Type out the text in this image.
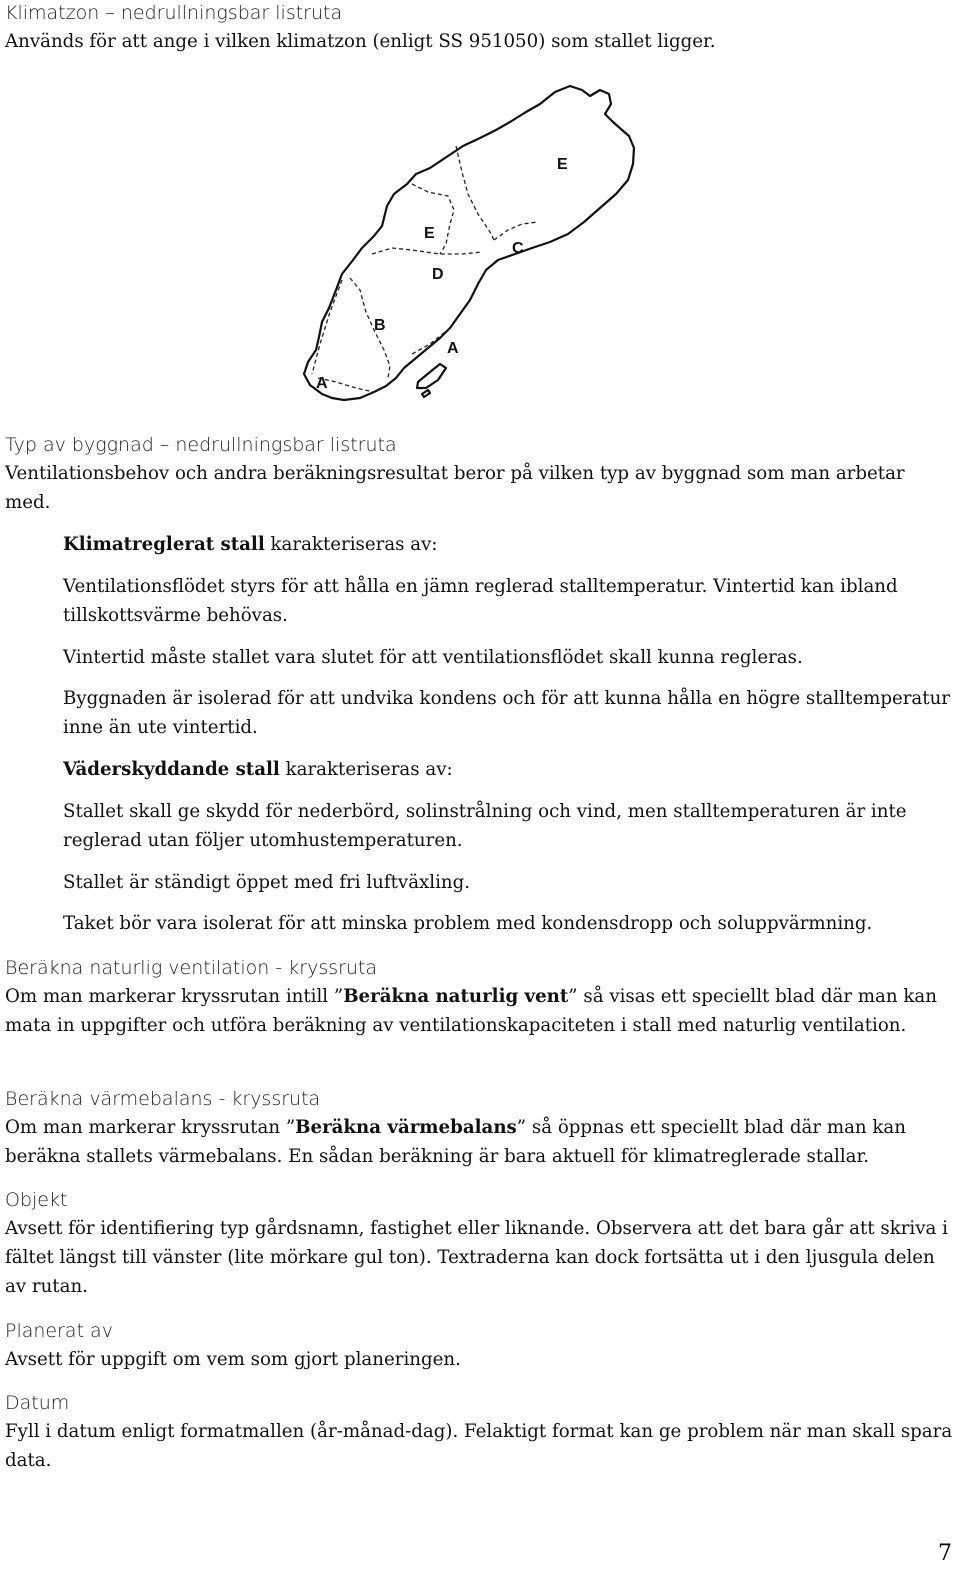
Klimatzon – nedrullningsbar listruta
Används för att ange i vilken klimatzon (enligt SS 951050) som stallet ligger.
E
E
C
D
B
A
A
Typ av byggnad – nedrullningsbar listruta
Ventilationsbehov och andra beräkningsresultat beror på vilken typ av byggnad som man arbetar med.
Klimatreglerat stall karakteriseras av:
Ventilationsflödet styrs för att hålla en jämn reglerad stalltemperatur. Vintertid kan ibland tillskottsvärme behövas.
Vintertid måste stallet vara slutet för att ventilationsflödet skall kunna regleras.
Byggnaden är isolerad för att undvika kondens och för att kunna hålla en högre stalltemperatur inne än ute vintertid.
Väderskyddande stall karakteriseras av:
Stallet skall ge skydd för nederbörd, solinstrålning och vind, men stalltemperaturen är inte reglerad utan följer utomhustemperaturen.
Stallet är ständigt öppet med fri luftväxling.
Taket bör vara isolerat för att minska problem med kondensdropp och soluppvärmning.
Beräkna naturlig ventilation - kryssruta
Om man markerar kryssrutan intill ”Beräkna naturlig vent” så visas ett speciellt blad där man kan mata in uppgifter och utföra beräkning av ventilationskapaciteten i stall med naturlig ventilation.
Beräkna värmebalans - kryssruta
Om man markerar kryssrutan ”Beräkna värmebalans” så öppnas ett speciellt blad där man kan beräkna stallets värmebalans. En sådan beräkning är bara aktuell för klimatreglerade stallar.
Objekt
Avsett för identifiering typ gårdsnamn, fastighet eller liknande. Observera att det bara går att skriva i fältet längst till vänster (lite mörkare gul ton). Textraderna kan dock fortsätta ut i den ljusgula delen av rutan.
Planerat av
Avsett för uppgift om vem som gjort planeringen.
Datum
Fyll i datum enligt formatmallen (år-månad-dag). Felaktigt format kan ge problem när man skall spara data.
7
